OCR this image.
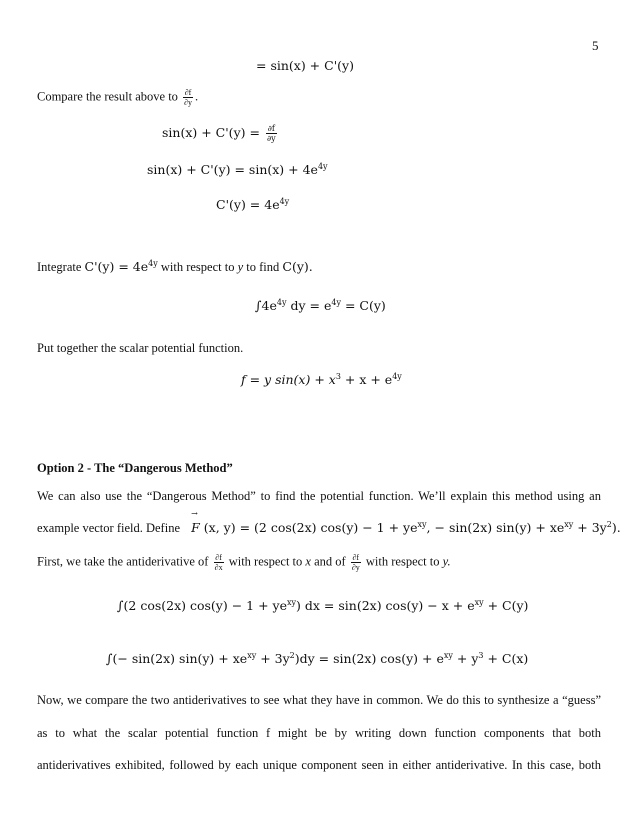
5
= sin(x) + C'(y)
Compare the result above to $\frac{\partial f}{\partial y}$ .
$\sin(x) + C'(y) = \frac{\partial f}{\partial y}$
$\sin(x) + C'(y) = \sin(x) + 4e^{4y}$
$C'(y) = 4e^{4y}$
Integrate $C'(y) = 4e^{4y}$ with respect to y to find C(y).
$\int 4e^{4y}$ dy = $e^{4y} = C(y)$
Put together the scalar potential function.
f = y $\sin(x) + x^3 + x + e^{4y}$
Option 2 - The “Dangerous Method”
We can also use the “Dangerous Method” to find the potential function. We’ll explain this method using an
example vector field. Define
→
F (x, y) = (2 cos(2x) $\cos(y) - 1 + ye^{xy}$, − sin(2x) $\sin(y) + xe^{xy} + 3y^2$).
First, we take the antiderivative of $\frac{\partial f}{\partial x}$ with respect to x and of $\frac{\partial f}{\partial y}$ with respect to y.
∫(2 cos(2x) $\cos(y) - 1 + ye^{xy}$) dx = sin(2x) $\cos(y) - x + e^{xy} + C(y)$
∫(− sin(2x) $\sin(y) + xe^{xy} + 3y^2)dy = \sin(2x)$ $\cos(y) + e^{xy} + y^3 + C(x)$
Now, we compare the two antiderivatives to see what they have in common. We do this to synthesize a “guess”
as to what the scalar potential function f might be by writing down function components that both
antiderivatives exhibited, followed by each unique component seen in either antiderivative. In this case, both
